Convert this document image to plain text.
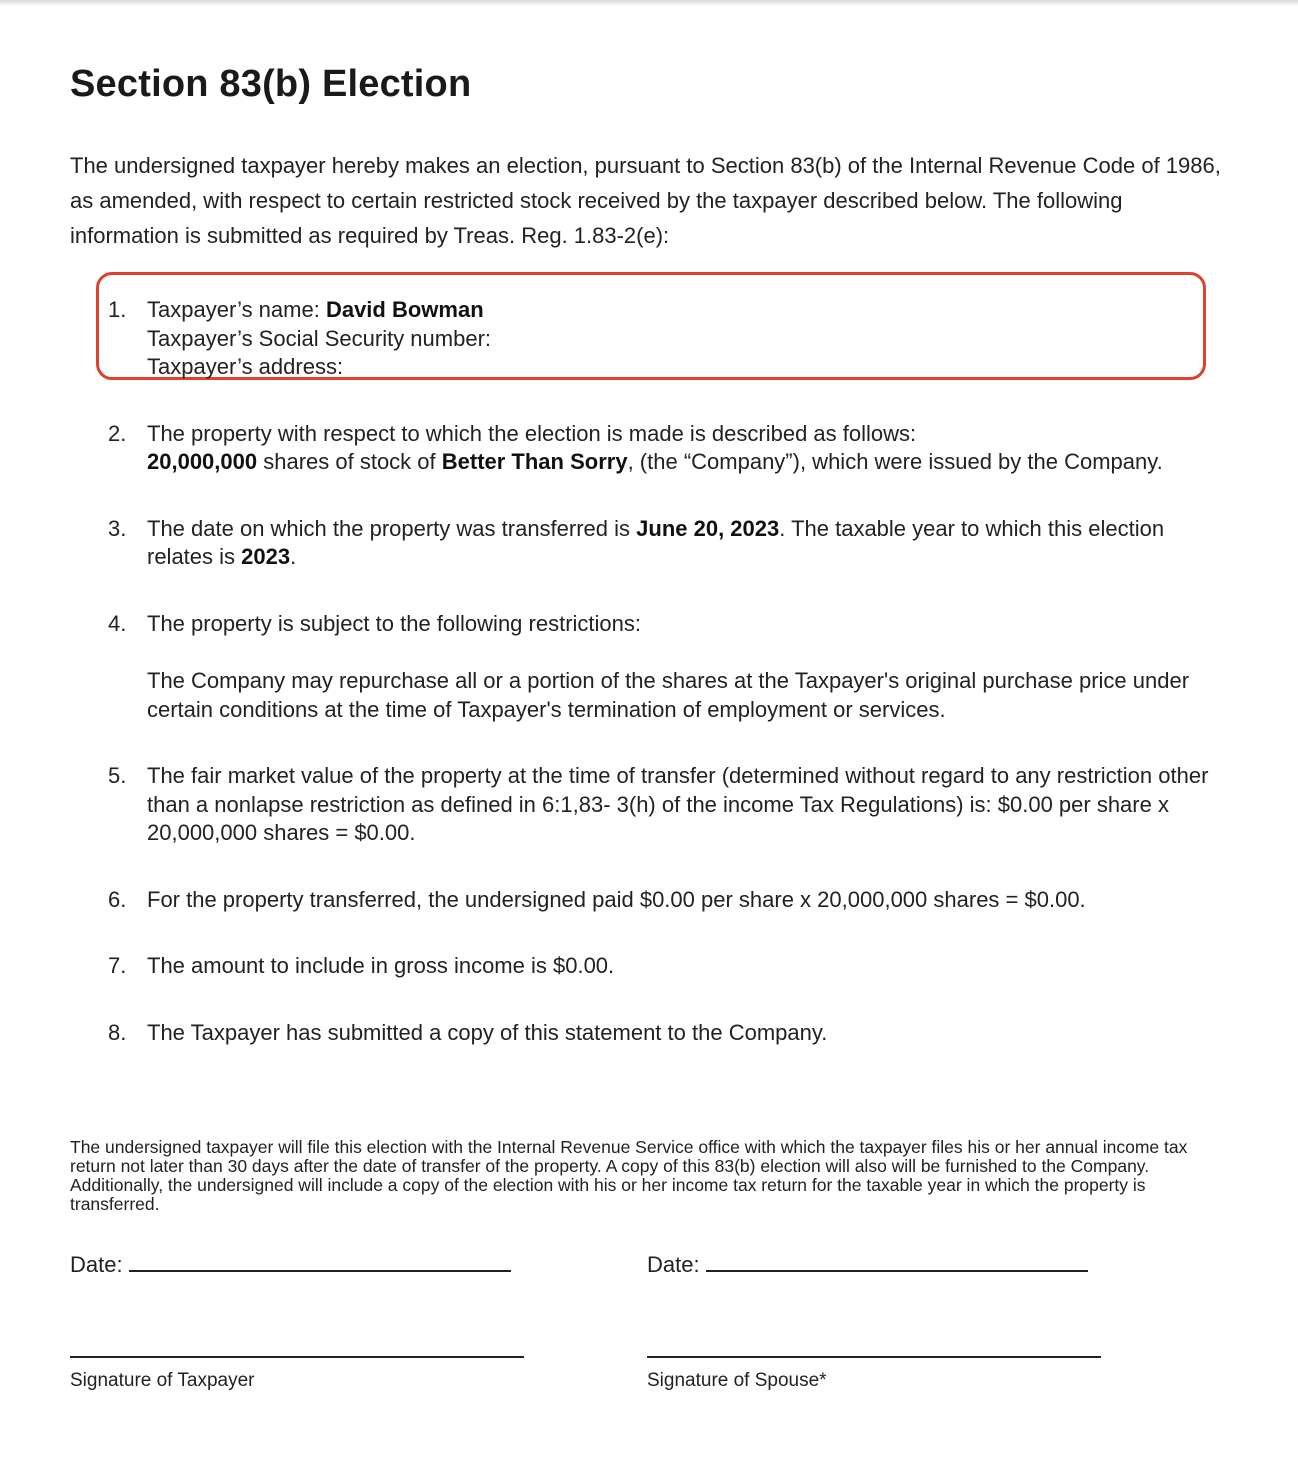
Section 83(b) Election

The undersigned taxpayer hereby makes an election, pursuant to Section 83(b) of the Internal Revenue Code of 1986, as amended, with respect to certain restricted stock received by the taxpayer described below. The following information is submitted as required by Treas. Reg. 1.83-2(e):

1. Taxpayer’s name: David Bowman

Taxpayer’s Social Security number:

Taxpayer’s address:

2. The property with respect to which the election is made is described as follows:

20,000,000 shares of stock of Better Than Sorry, (the “Company”), which were issued by the Company.

3. The date on which the property was transferred is June 20, 2023. The taxable year to which this election relates is 2023.

4. The property is subject to the following restrictions:

The Company may repurchase all or a portion of the shares at the Taxpayer's original purchase price under certain conditions at the time of Taxpayer's termination of employment or services.

5. The fair market value of the property at the time of transfer (determined without regard to any restriction other than a nonlapse restriction as defined in 6:1,83- 3(h) of the income Tax Regulations) is: $0.00 per share x 20,000,000 shares = $0.00.

6. For the property transferred, the undersigned paid $0.00 per share x 20,000,000 shares = $0.00.

7. The amount to include in gross income is $0.00.

8. The Taxpayer has submitted a copy of this statement to the Company.

The undersigned taxpayer will file this election with the Internal Revenue Service office with which the taxpayer files his or her annual income tax return not later than 30 days after the date of transfer of the property. A copy of this 83(b) election will also will be furnished to the Company. Additionally, the undersigned will include a copy of the election with his or her income tax return for the taxable year in which the property is transferred.

Date:	Date:
Signature of Taxpayer	Signature of Spouse*
